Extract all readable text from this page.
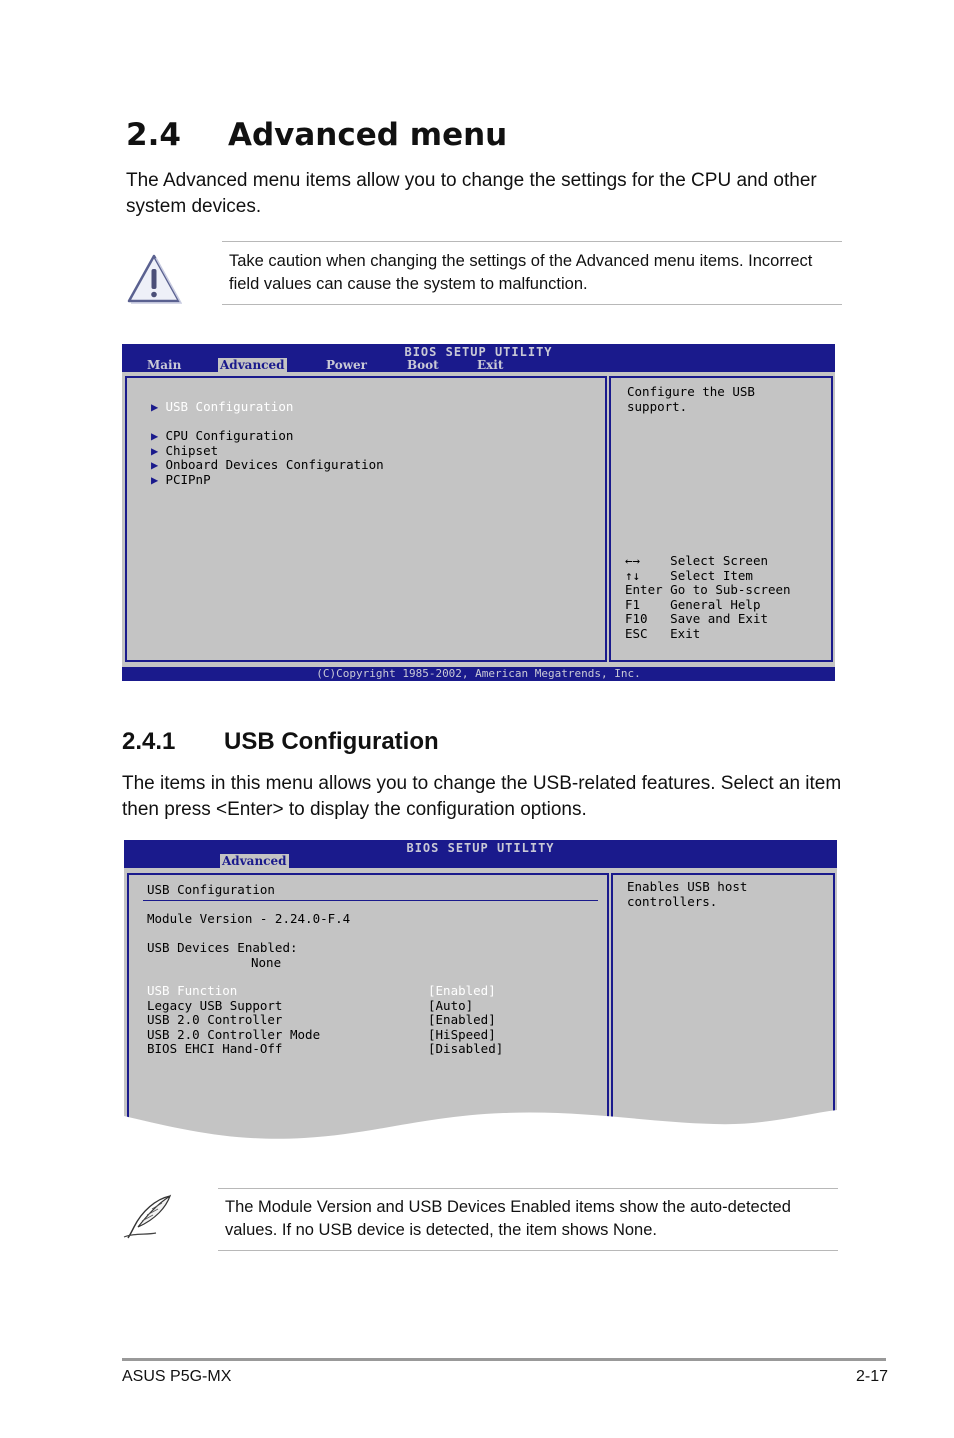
2.4 Advanced menu
The Advanced menu items allow you to change the settings for the CPU and other system devices.
Take caution when changing the settings of the Advanced menu items. Incorrect field values can cause the system to malfunction.
BIOS SETUP UTILITY
Main	Advanced	Power	Boot	Exit
▶ USB Configuration
▶ CPU Configuration
▶ Chipset
▶ Onboard Devices Configuration
▶ PCIPnP
Configure the USB
support.
←→ Select Screen
↑↓ Select Item
Enter Go to Sub-screen
F1 General Help
F10 Save and Exit
ESC Exit
(C)Copyright 1985-2002, American Megatrends, Inc.
2.4.1 USB Configuration
The items in this menu allows you to change the USB-related features. Select an item then press <Enter> to display the configuration options.
BIOS SETUP UTILITY
Advanced
USB Configuration
Module Version - 2.24.0-F.4
USB Devices Enabled:
None
USB Function	[Enabled]
Legacy USB Support	[Auto]
USB 2.0 Controller	[Enabled]
USB 2.0 Controller Mode	[HiSpeed]
BIOS EHCI Hand-Off	[Disabled]
Enables USB host
controllers.
The Module Version and USB Devices Enabled items show the auto-detected values. If no USB device is detected, the item shows None.
ASUS P5G-MX	2-17
